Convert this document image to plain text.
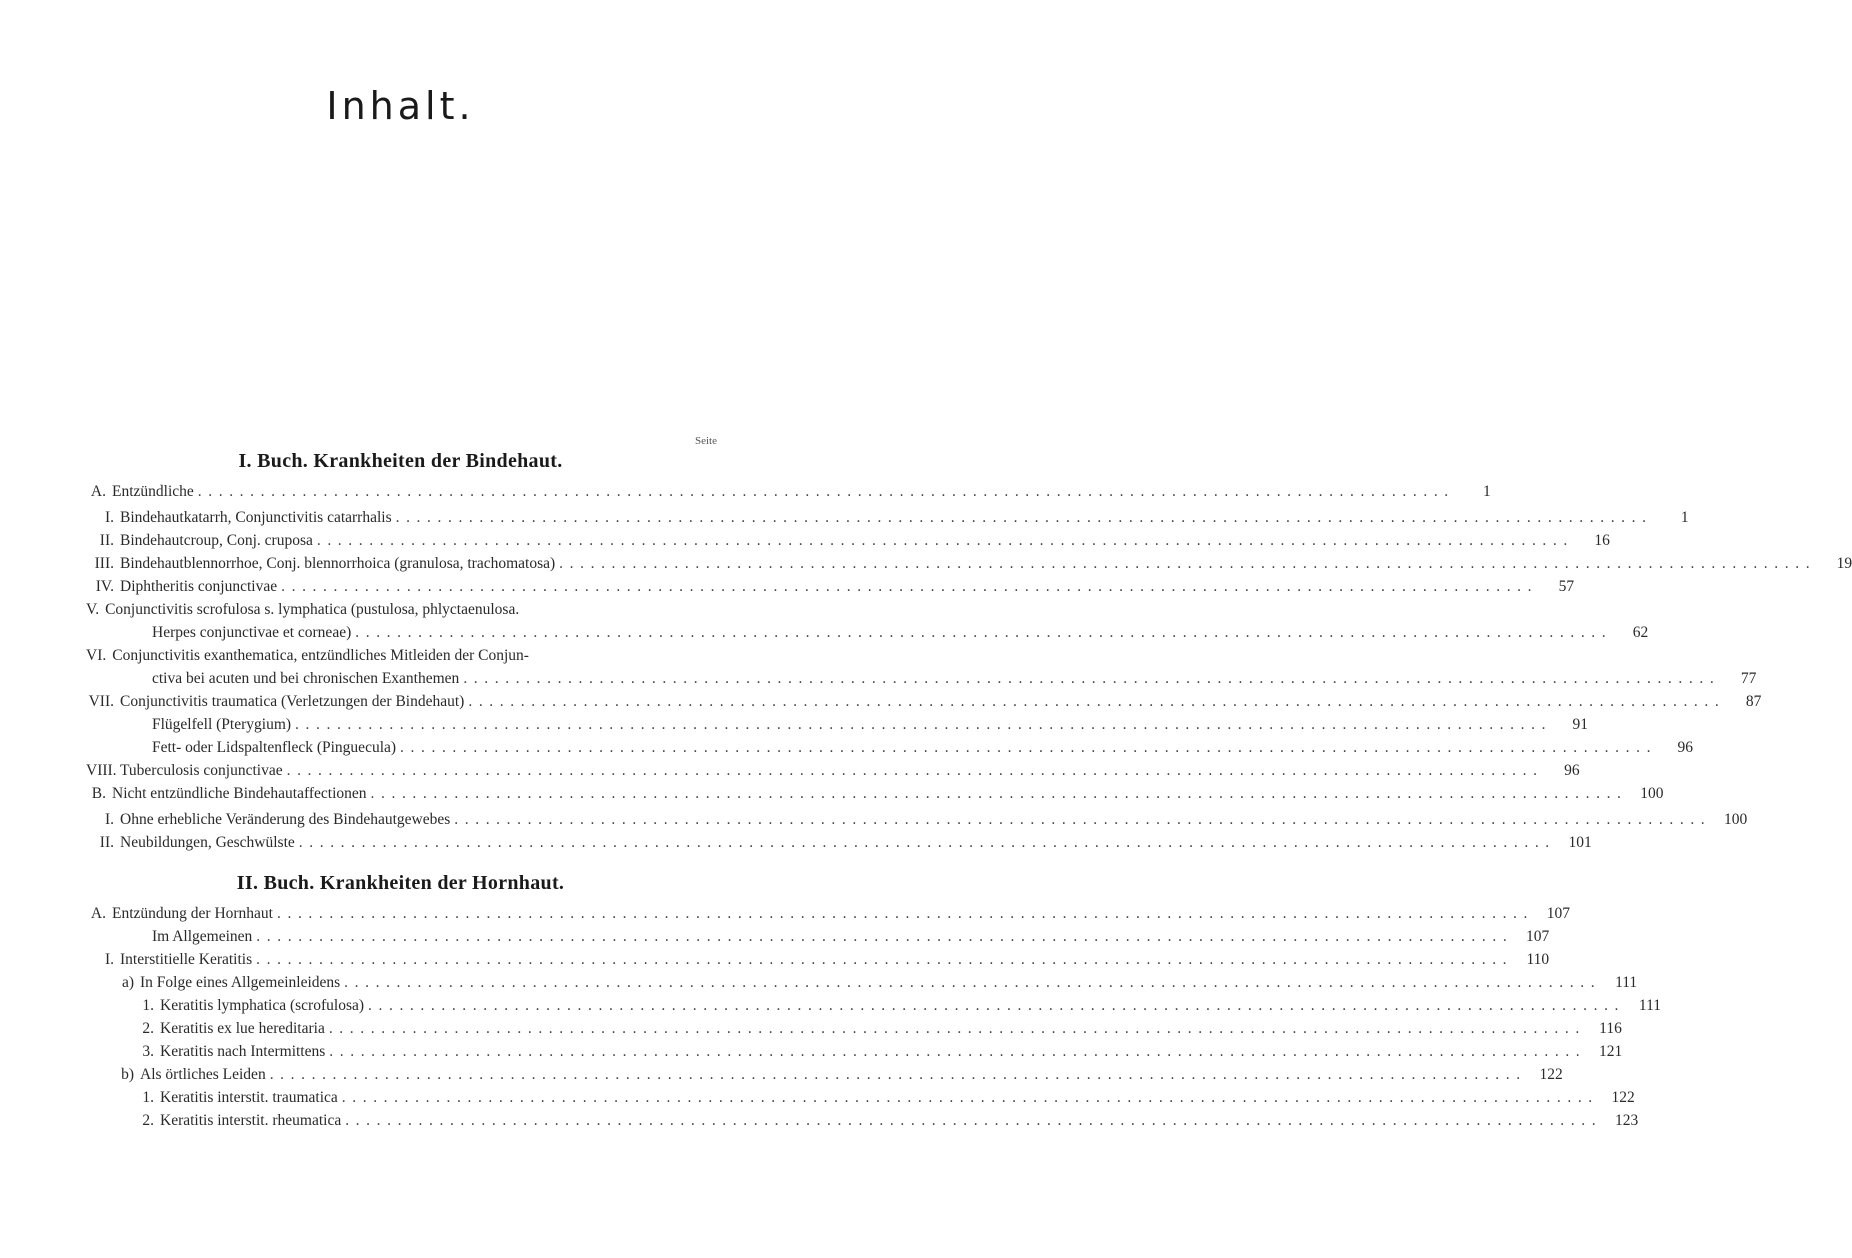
Inhalt.
Seite
I. Buch. Krankheiten der Bindehaut.
A. Entzündliche ........................................................................................................................	1
I. Bindehautkatarrh, Conjunctivitis catarrhalis ........................................................................................................................	1
II. Bindehautcroup, Conj. cruposa ........................................................................................................................	16
III. Bindehautblennorrhoe, Conj. blennorrhoica (granulosa, trachomatosa) ........................................................................................................................	19
IV. Diphtheritis conjunctivae ........................................................................................................................	57
V. Conjunctivitis scrofulosa s. lymphatica (pustulosa, phlyctaenulosa.
Herpes conjunctivae et corneae) ........................................................................................................................	62
VI. Conjunctivitis exanthematica, entzündliches Mitleiden der Conjun-
ctiva bei acuten und bei chronischen Exanthemen ........................................................................................................................	77
VII. Conjunctivitis traumatica (Verletzungen der Bindehaut) ........................................................................................................................	87
Flügelfell (Pterygium) ........................................................................................................................	91
Fett- oder Lidspaltenfleck (Pinguecula) ........................................................................................................................	96
VIII. Tuberculosis conjunctivae ........................................................................................................................	96
B. Nicht entzündliche Bindehautaffectionen ........................................................................................................................ 100
I. Ohne erhebliche Veränderung des Bindehautgewebes ........................................................................................................................ 100
II. Neubildungen, Geschwülste ........................................................................................................................ 101
II. Buch. Krankheiten der Hornhaut.
A. Entzündung der Hornhaut ........................................................................................................................ 107
Im Allgemeinen ........................................................................................................................ 107
I. Interstitielle Keratitis ........................................................................................................................ 110
a) In Folge eines Allgemeinleidens ........................................................................................................................ 111
1. Keratitis lymphatica (scrofulosa) ........................................................................................................................ 111
2. Keratitis ex lue hereditaria ........................................................................................................................ 116
3. Keratitis nach Intermittens ........................................................................................................................ 121
b) Als örtliches Leiden ........................................................................................................................ 122
1. Keratitis interstit. traumatica ........................................................................................................................ 122
2. Keratitis interstit. rheumatica ........................................................................................................................ 123
